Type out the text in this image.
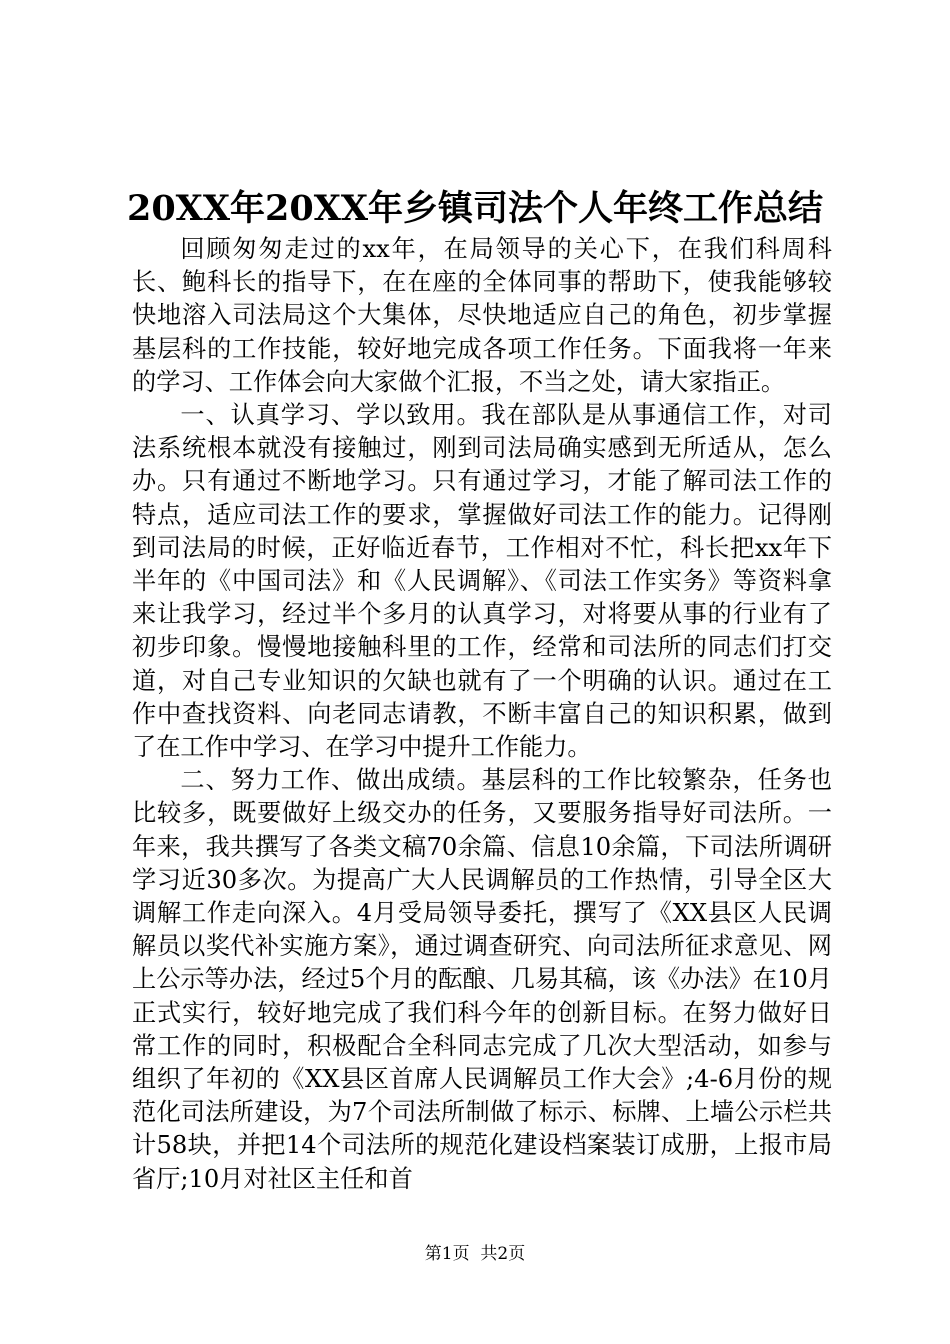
20XX年20XX年乡镇司法个人年终工作总结

回顾匆匆走过的xx年，在局领导的关心下，在我们科周科长、鲍科长的指导下，在在座的全体同事的帮助下，使我能够较快地溶入司法局这个大集体，尽快地适应自己的角色，初步掌握基层科的工作技能，较好地完成各项工作任务。下面我将一年来的学习、工作体会向大家做个汇报，不当之处，请大家指正。

一、认真学习、学以致用。我在部队是从事通信工作，对司法系统根本就没有接触过，刚到司法局确实感到无所适从，怎么办。只有通过不断地学习。只有通过学习，才能了解司法工作的特点，适应司法工作的要求，掌握做好司法工作的能力。记得刚到司法局的时候，正好临近春节，工作相对不忙，科长把xx年下半年的《中国司法》和《人民调解》、《司法工作实务》等资料拿来让我学习，经过半个多月的认真学习，对将要从事的行业有了初步印象。慢慢地接触科里的工作，经常和司法所的同志们打交道，对自己专业知识的欠缺也就有了一个明确的认识。通过在工作中查找资料、向老同志请教，不断丰富自己的知识积累，做到了在工作中学习、在学习中提升工作能力。

二、努力工作、做出成绩。基层科的工作比较繁杂，任务也比较多，既要做好上级交办的任务，又要服务指导好司法所。一年来，我共撰写了各类文稿70余篇、信息10余篇，下司法所调研学习近30多次。为提高广大人民调解员的工作热情，引导全区大调解工作走向深入。4月受局领导委托，撰写了《XX县区人民调解员以奖代补实施方案》，通过调查研究、向司法所征求意见、网上公示等办法，经过5个月的酝酿、几易其稿，该《办法》在10月正式实行，较好地完成了我们科今年的创新目标。在努力做好日常工作的同时，积极配合全科同志完成了几次大型活动，如参与组织了年初的《XX县区首席人民调解员工作大会》;4-6月份的规范化司法所建设，为7个司法所制做了标示、标牌、上墙公示栏共计58块，并把14个司法所的规范化建设档案装订成册，上报市局省厅;10月对社区主任和首

第1页 共2页
